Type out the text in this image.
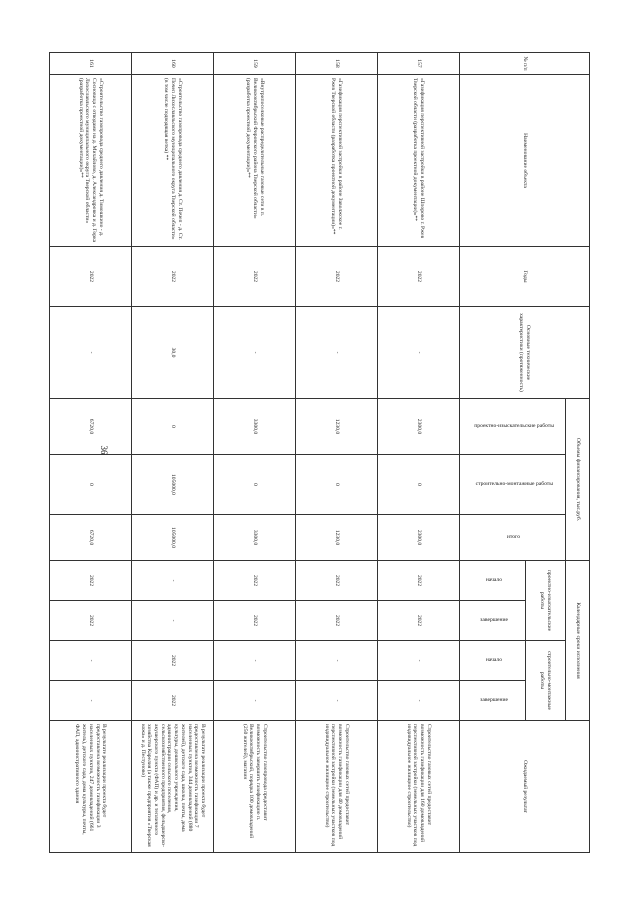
36
№ п/п	Наименование объекта	Годы	Основные технические характеристики (протяженность)	Объемы финансирования, тыс.руб.			Календарные сроки исполнения				Ожидаемый результат
				проектно-изыскательские работы	строительно-монтажные работы	итого	проектно-изыскательские работы		строительно-монтажные работы		
							начало	завершение	начало	завершение	
157	«Газификация перспективной застройки в районе Шпорово г. Ржев Тверской области (разработка проектной документации)»**	2022	-	2300,0	0	2300,0	2022	2022	-	-	Строительство газовых сетей предоставит возможность газификации для 160 домовладений перспективной застройки (земельных участков под индивидуальное жилищное строительство)
158	«Газификация перспективной застройки в районе Заволжское г. Ржев Тверской области (разработка проектной документации)»**	2022	-	1230,0	0	1230,0	2022	2022	-	-	Строительство газовых сетей предоставит возможность газификации для 40 домовладений перспективной застройки (земельных участков под индивидуальное жилищное строительство)
159	«Внутрипоселковые распределительные газовые сети в п. Великооктябрьский Фировского района Тверской области» (разработка проектной документации)»**	2022	-	3300,0	0	3300,0	2022	2022	-	-	Строительство газопровода предоставит возможность завершить газификацию п. Великооктябрьский, порядка 100 домовладений (250 жителей), магазин
160	«Строительство газопровода среднего давления д. Ст. Почеп - д. Ст. Почеп Лихославльского муниципального округа Тверской области» (в том числе подводящая ветка) **	2022	30,0	0	105000,0	105000,0	-	-	2022	2022	В результате реализации проекта будет предоставлена возможность газификации 7 населенных пунктов, 344 домовладений (880 жителей), детского сада, школы, почты, дома культуры, дошкольного учреждения, администрации сельского поселения, сельскохозяйственного предприятия, фельдшерско-акушерского пункта (ФАП) и др. и тепличного хозяйства Карелия (а также предприятия «Тверская кожа» и д. Пестуново)
161	«Строительство газопровода среднего давления д. Тимошкино - д. Сосновица с отводами на д. Михайлово, д. Александровка и д. Горка Лихославльского муниципального округа Тверской области» (разработка проектной документации)»**	2022	-	6720,0	0	6720,0	2022	2022	-	-	В результате реализации проекта будет предоставлена возможность газификации 3 населенных пунктов, 247 домовладений (661 житель), детского сада, дома культуры, почты, ФАП, административного здания
